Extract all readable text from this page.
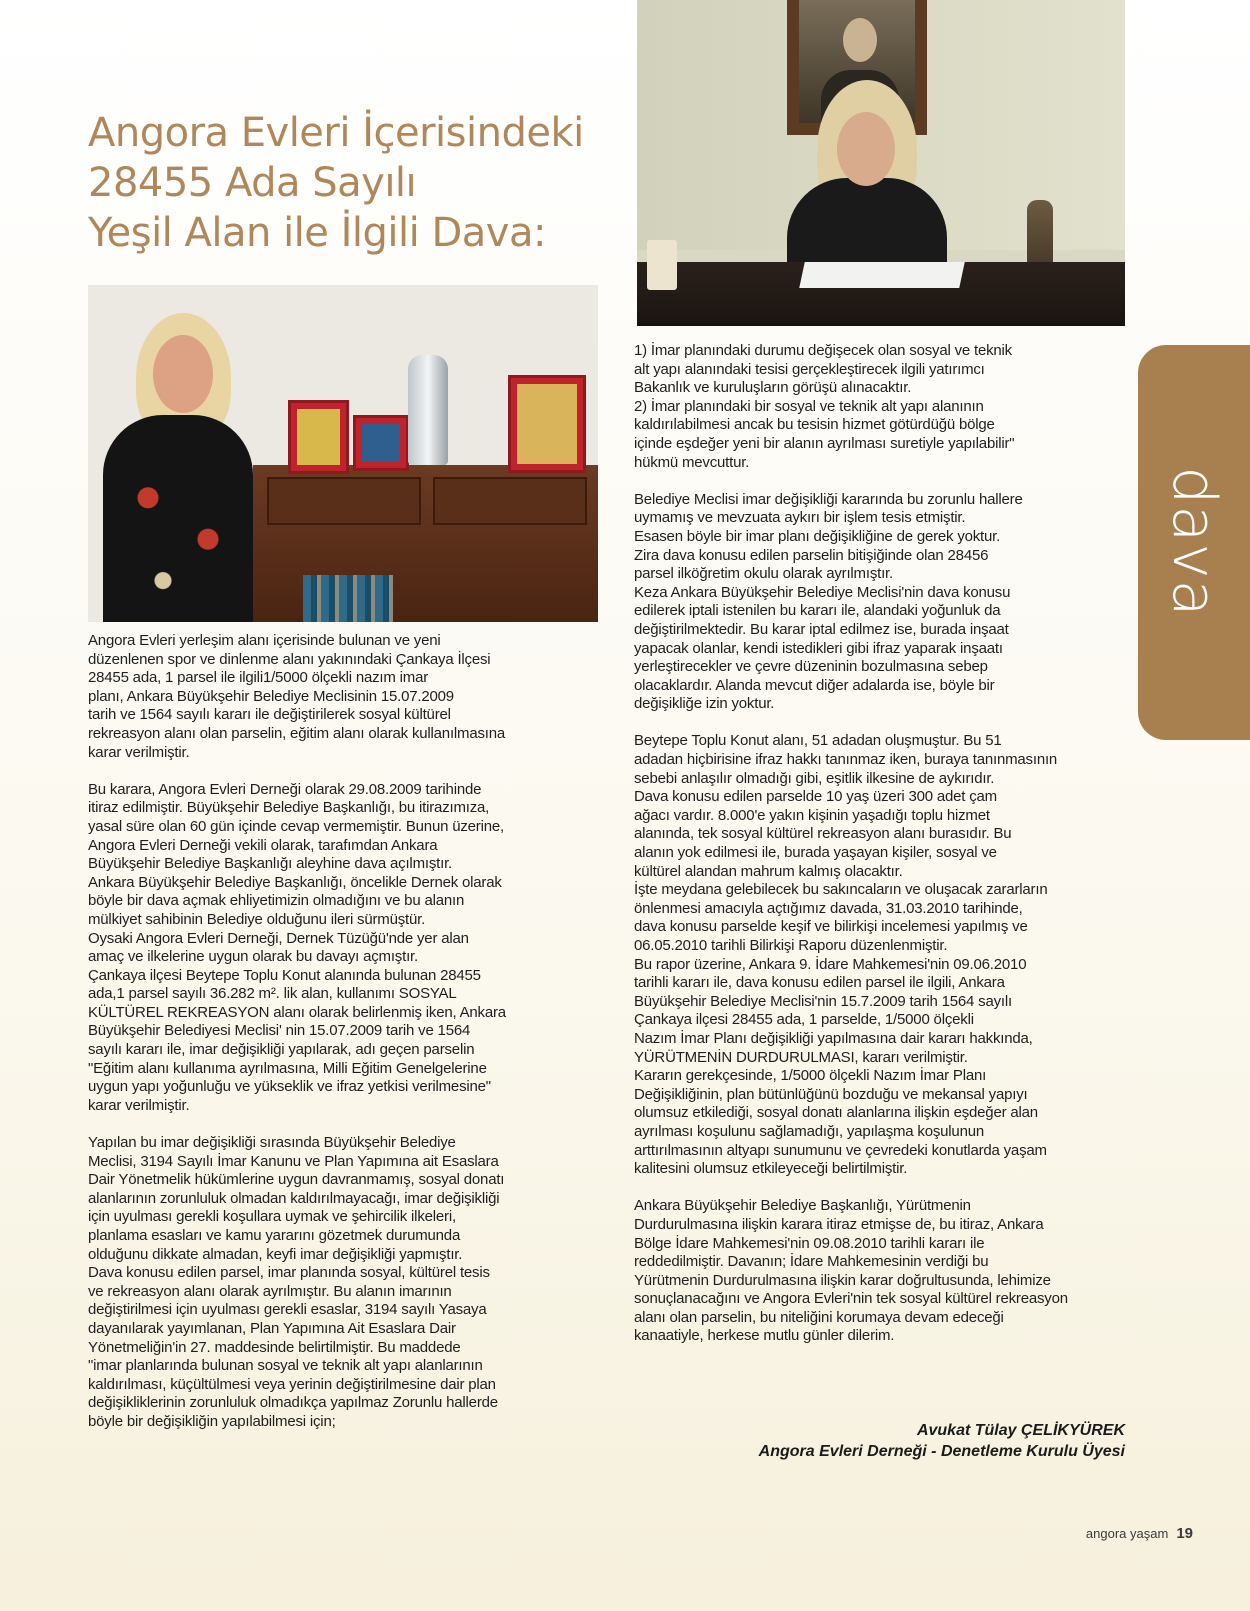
Angora Evleri İçerisindeki
28455 Ada Sayılı
Yeşil Alan ile İlgili Dava:
Angora Evleri yerleşim alanı içerisinde bulunan ve yeni
düzenlenen spor ve dinlenme alanı yakınındaki Çankaya İlçesi
28455 ada, 1 parsel ile ilgili1/5000 ölçekli nazım imar
planı, Ankara Büyükşehir Belediye Meclisinin 15.07.2009
tarih ve 1564 sayılı kararı ile değiştirilerek sosyal kültürel
rekreasyon alanı olan parselin, eğitim alanı olarak kullanılmasına
karar verilmiştir.
Bu karara, Angora Evleri Derneği olarak 29.08.2009 tarihinde
itiraz edilmiştir. Büyükşehir Belediye Başkanlığı, bu itirazımıza,
yasal süre olan 60 gün içinde cevap vermemiştir. Bunun üzerine,
Angora Evleri Derneği vekili olarak, tarafımdan Ankara
Büyükşehir Belediye Başkanlığı aleyhine dava açılmıştır.
Ankara Büyükşehir Belediye Başkanlığı, öncelikle Dernek olarak
böyle bir dava açmak ehliyetimizin olmadığını ve bu alanın
mülkiyet sahibinin Belediye olduğunu ileri sürmüştür.
Oysaki Angora Evleri Derneği, Dernek Tüzüğü'nde yer alan
amaç ve ilkelerine uygun olarak bu davayı açmıştır.
Çankaya ilçesi Beytepe Toplu Konut alanında bulunan 28455
ada,1 parsel sayılı 36.282 m². lik alan, kullanımı SOSYAL
KÜLTÜREL REKREASYON alanı olarak belirlenmiş iken, Ankara
Büyükşehir Belediyesi Meclisi' nin 15.07.2009 tarih ve 1564
sayılı kararı ile, imar değişikliği yapılarak, adı geçen parselin
"Eğitim alanı kullanıma ayrılmasına, Milli Eğitim Genelgelerine
uygun yapı yoğunluğu ve yükseklik ve ifraz yetkisi verilmesine"
karar verilmiştir.
Yapılan bu imar değişikliği sırasında Büyükşehir Belediye
Meclisi, 3194 Sayılı İmar Kanunu ve Plan Yapımına ait Esaslara
Dair Yönetmelik hükümlerine uygun davranmamış, sosyal donatı
alanlarının zorunluluk olmadan kaldırılmayacağı, imar değişikliği
için uyulması gerekli koşullara uymak ve şehircilik ilkeleri,
planlama esasları ve kamu yararını gözetmek durumunda
olduğunu dikkate almadan, keyfi imar değişikliği yapmıştır.
Dava konusu edilen parsel, imar planında sosyal, kültürel tesis
ve rekreasyon alanı olarak ayrılmıştır. Bu alanın imarının
değiştirilmesi için uyulması gerekli esaslar, 3194 sayılı Yasaya
dayanılarak yayımlanan, Plan Yapımına Ait Esaslara Dair
Yönetmeliğin'in 27. maddesinde belirtilmiştir. Bu maddede
"imar planlarında bulunan sosyal ve teknik alt yapı alanlarının
kaldırılması, küçültülmesi veya yerinin değiştirilmesine dair plan
değişikliklerinin zorunluluk olmadıkça yapılmaz Zorunlu hallerde
böyle bir değişikliğin yapılabilmesi için;
1) İmar planındaki durumu değişecek olan sosyal ve teknik
alt yapı alanındaki tesisi gerçekleştirecek ilgili yatırımcı
Bakanlık ve kuruluşların görüşü alınacaktır.
2) İmar planındaki bir sosyal ve teknik alt yapı alanının
kaldırılabilmesi ancak bu tesisin hizmet götürdüğü bölge
içinde eşdeğer yeni bir alanın ayrılması suretiyle yapılabilir"
hükmü mevcuttur.
Belediye Meclisi imar değişikliği kararında bu zorunlu hallere
uymamış ve mevzuata aykırı bir işlem tesis etmiştir.
Esasen böyle bir imar planı değişikliğine de gerek yoktur.
Zira dava konusu edilen parselin bitişiğinde olan 28456
parsel ilköğretim okulu olarak ayrılmıştır.
Keza Ankara Büyükşehir Belediye Meclisi'nin dava konusu
edilerek iptali istenilen bu kararı ile, alandaki yoğunluk da
değiştirilmektedir. Bu karar iptal edilmez ise, burada inşaat
yapacak olanlar, kendi istedikleri gibi ifraz yaparak inşaatı
yerleştirecekler ve çevre düzeninin bozulmasına sebep
olacaklardır. Alanda mevcut diğer adalarda ise, böyle bir
değişikliğe izin yoktur.
Beytepe Toplu Konut alanı, 51 adadan oluşmuştur. Bu 51
adadan hiçbirisine ifraz hakkı tanınmaz iken, buraya tanınmasının
sebebi anlaşılır olmadığı gibi, eşitlik ilkesine de aykırıdır.
Dava konusu edilen parselde 10 yaş üzeri 300 adet çam
ağacı vardır. 8.000'e yakın kişinin yaşadığı toplu hizmet
alanında, tek sosyal kültürel rekreasyon alanı burasıdır. Bu
alanın yok edilmesi ile, burada yaşayan kişiler, sosyal ve
kültürel alandan mahrum kalmış olacaktır.
İşte meydana gelebilecek bu sakıncaların ve oluşacak zararların
önlenmesi amacıyla açtığımız davada, 31.03.2010 tarihinde,
dava konusu parselde keşif ve bilirkişi incelemesi yapılmış ve
06.05.2010 tarihli Bilirkişi Raporu düzenlenmiştir.
Bu rapor üzerine, Ankara 9. İdare Mahkemesi'nin 09.06.2010
tarihli kararı ile, dava konusu edilen parsel ile ilgili, Ankara
Büyükşehir Belediye Meclisi'nin 15.7.2009 tarih 1564 sayılı
Çankaya ilçesi 28455 ada, 1 parselde, 1/5000 ölçekli
Nazım İmar Planı değişikliği yapılmasına dair kararı hakkında,
YÜRÜTMENİN DURDURULMASI, kararı verilmiştir.
Kararın gerekçesinde, 1/5000 ölçekli Nazım İmar Planı
Değişikliğinin, plan bütünlüğünü bozduğu ve mekansal yapıyı
olumsuz etkilediği, sosyal donatı alanlarına ilişkin eşdeğer alan
ayrılması koşulunu sağlamadığı, yapılaşma koşulunun
arttırılmasının altyapı sunumunu ve çevredeki konutlarda yaşam
kalitesini olumsuz etkileyeceği belirtilmiştir.
Ankara Büyükşehir Belediye Başkanlığı, Yürütmenin
Durdurulmasına ilişkin karara itiraz etmişse de, bu itiraz, Ankara
Bölge İdare Mahkemesi'nin 09.08.2010 tarihli kararı ile
reddedilmiştir. Davanın; İdare Mahkemesinin verdiği bu
Yürütmenin Durdurulmasına ilişkin karar doğrultusunda, lehimize
sonuçlanacağını ve Angora Evleri'nin tek sosyal kültürel rekreasyon
alanı olan parselin, bu niteliğini korumaya devam edeceği
kanaatiyle, herkese mutlu günler dilerim.
Avukat Tülay ÇELİKYÜREK
Angora Evleri Derneği - Denetleme Kurulu Üyesi
dava
angora yaşam 19
